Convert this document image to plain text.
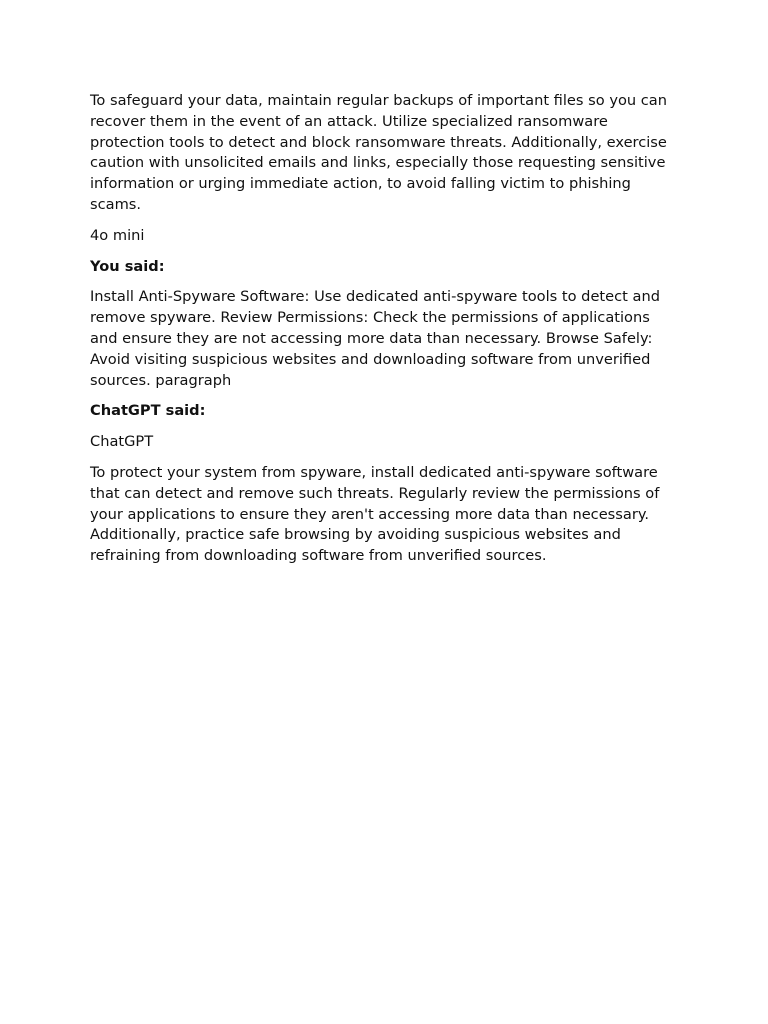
To safeguard your data, maintain regular backups of important files so you can recover them in the event of an attack. Utilize specialized ransomware protection tools to detect and block ransomware threats. Additionally, exercise caution with unsolicited emails and links, especially those requesting sensitive information or urging immediate action, to avoid falling victim to phishing scams.

4o mini

You said:

Install Anti-Spyware Software: Use dedicated anti-spyware tools to detect and remove spyware. Review Permissions: Check the permissions of applications and ensure they are not accessing more data than necessary. Browse Safely: Avoid visiting suspicious websites and downloading software from unverified sources. paragraph

ChatGPT said:

ChatGPT

To protect your system from spyware, install dedicated anti-spyware software that can detect and remove such threats. Regularly review the permissions of your applications to ensure they aren't accessing more data than necessary. Additionally, practice safe browsing by avoiding suspicious websites and refraining from downloading software from unverified sources.
